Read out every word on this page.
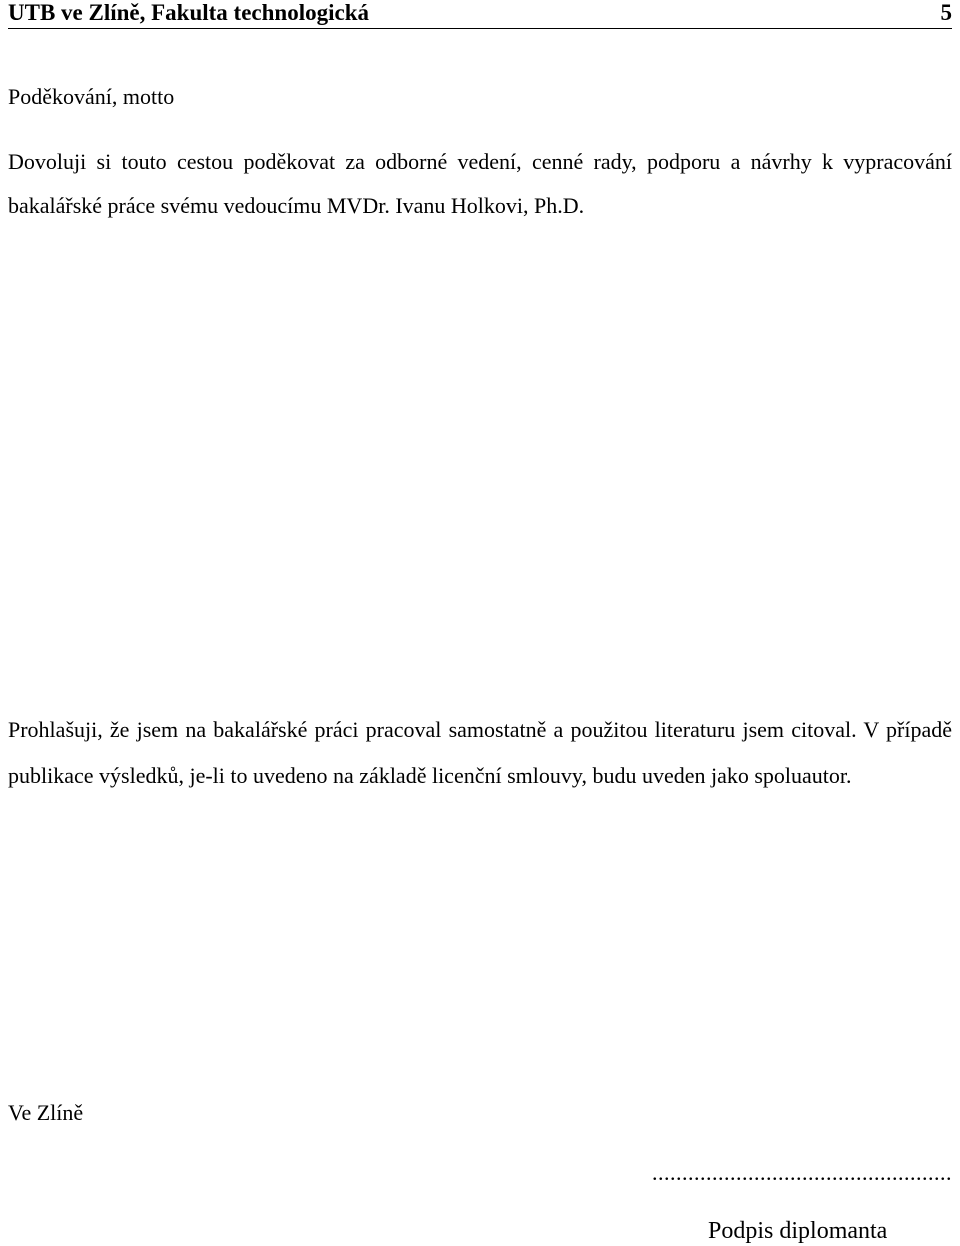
UTB ve Zlíně, Fakulta technologická	5
Poděkování, motto
Dovoluji si touto cestou poděkovat za odborné vedení, cenné rady, podporu a návrhy k vypracování bakalářské práce svému vedoucímu MVDr. Ivanu Holkovi, Ph.D.
Prohlašuji, že jsem na bakalářské práci pracoval samostatně a použitou literaturu jsem citoval. V případě publikace výsledků, je-li to uvedeno na základě licenční smlouvy, budu uveden jako spoluautor.
Ve Zlíně
..................................................
Podpis diplomanta
